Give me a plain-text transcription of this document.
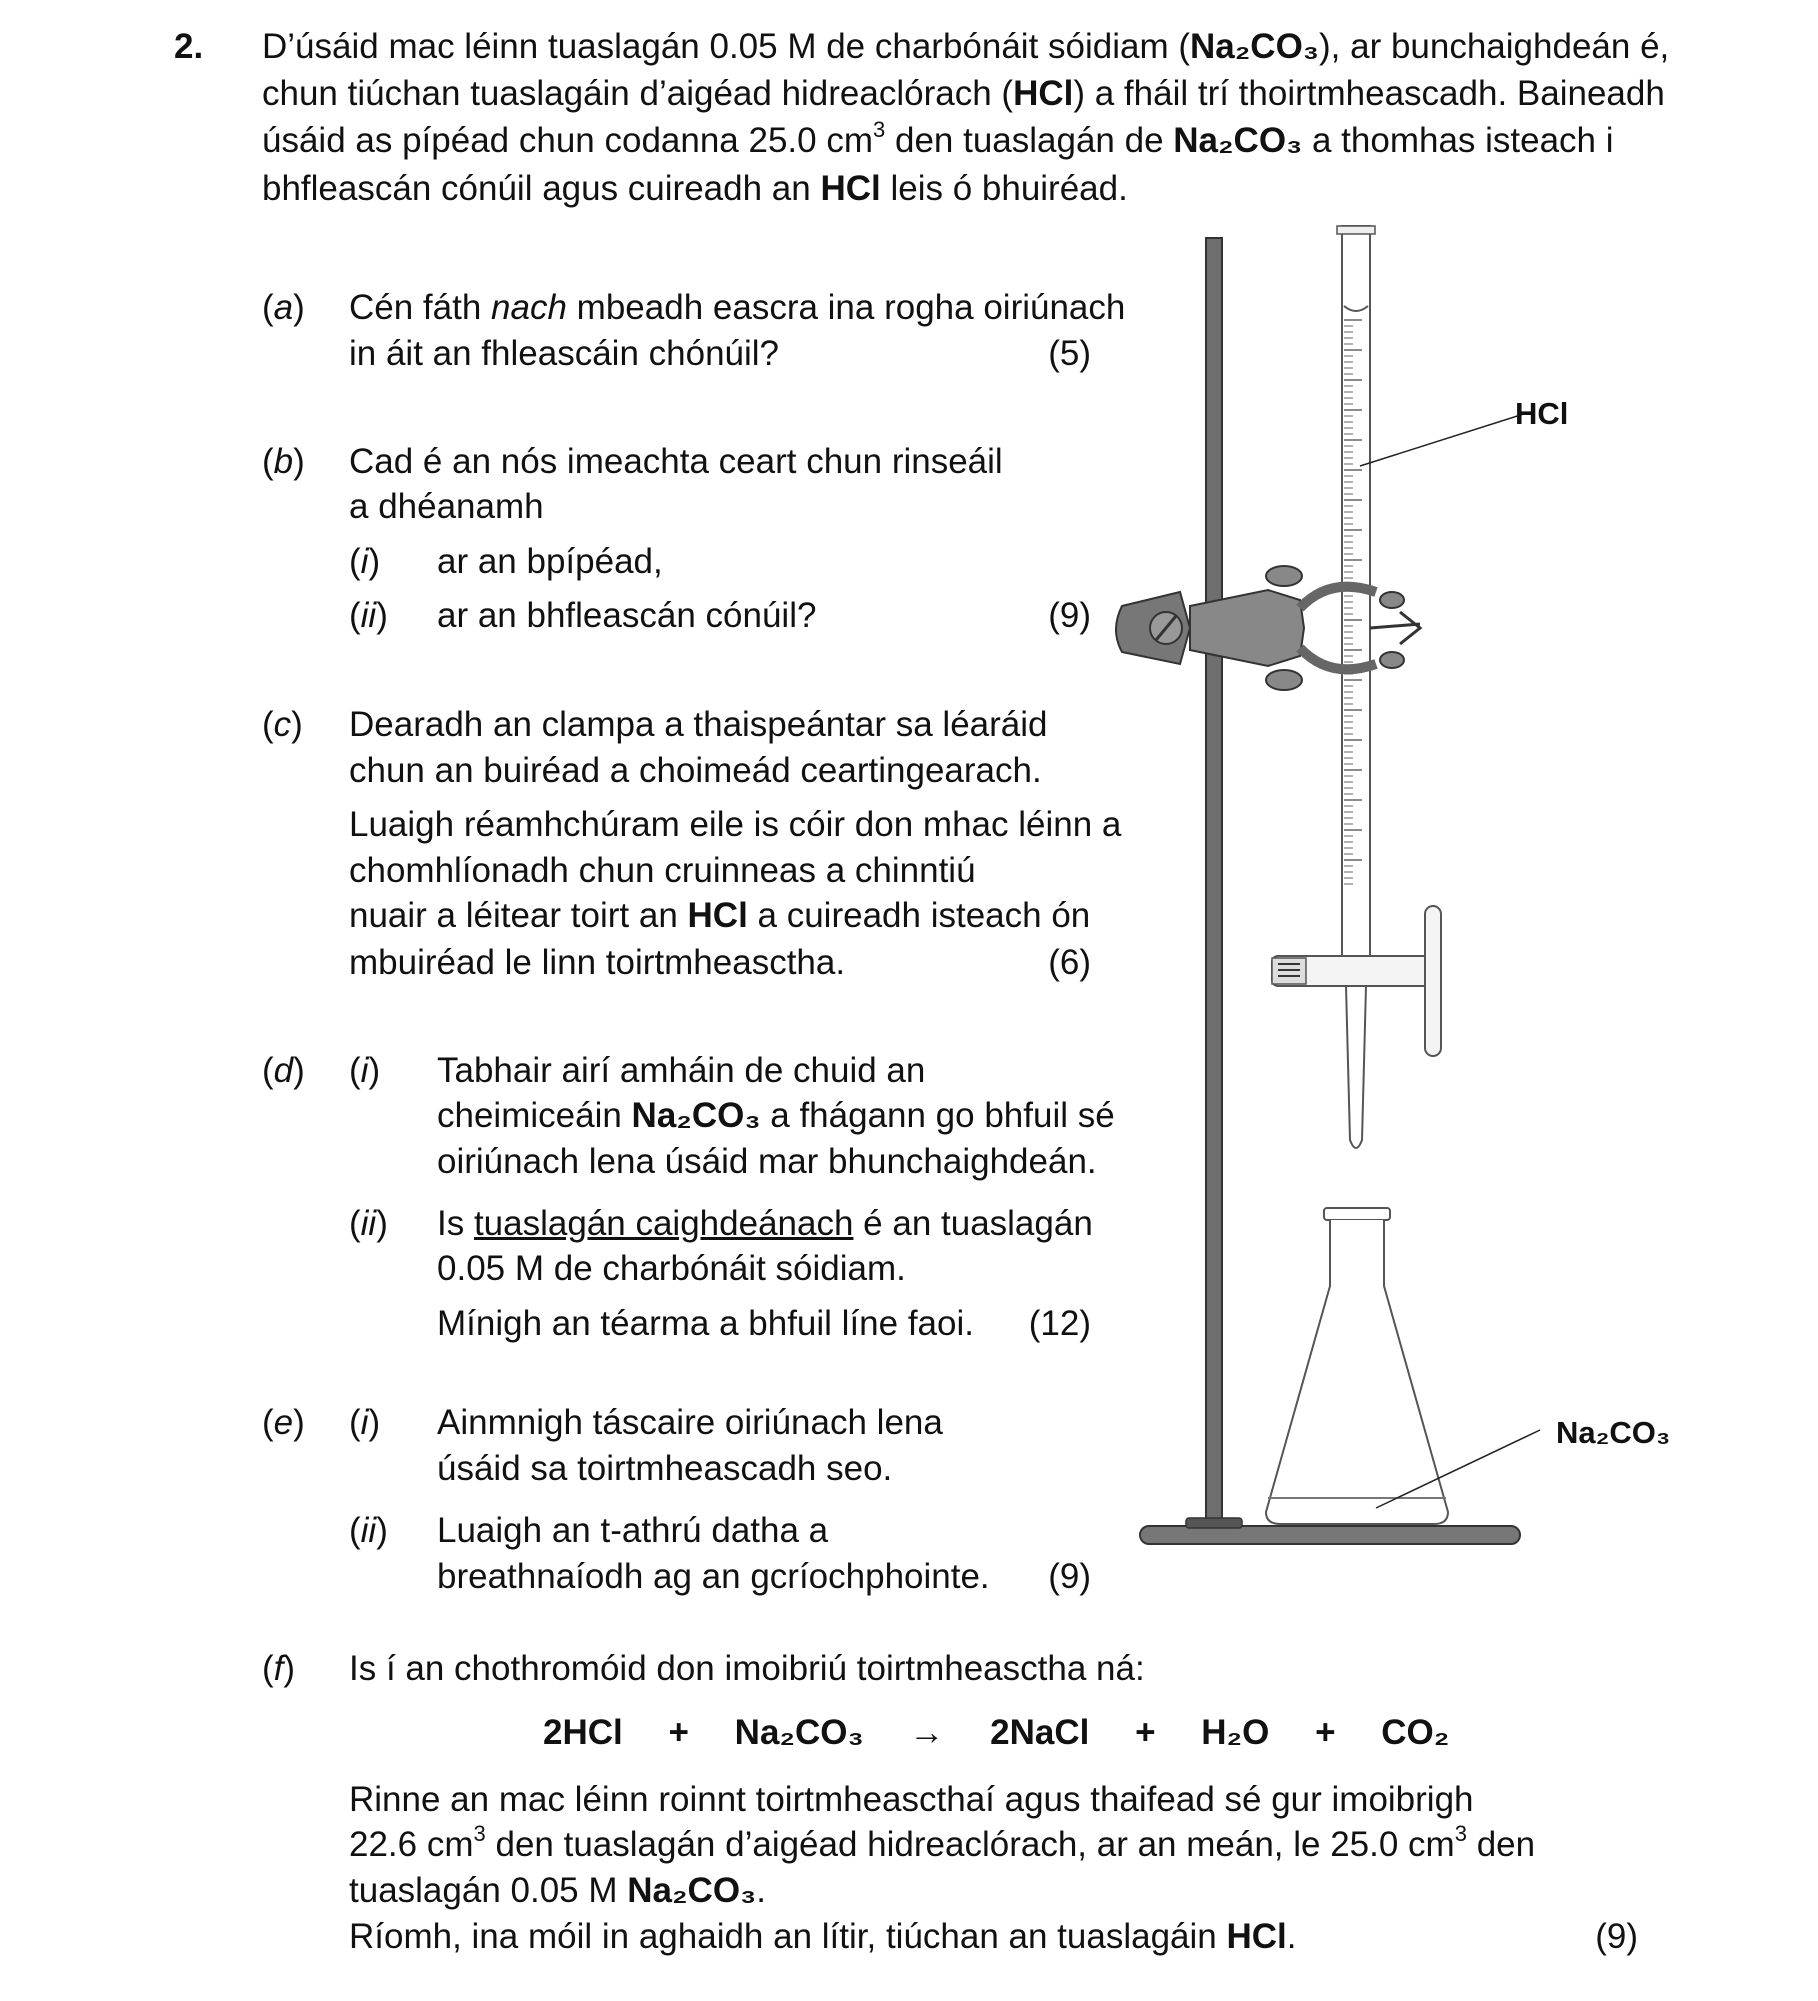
2. D’úsáid mac léinn tuaslagán 0.05 M de charbónáit sóidiam (Na₂CO₃), ar bunchaighdeán é,
chun tiúchan tuaslagáin d’aigéad hidreaclórach (HCl) a fháil trí thoirtmheascadh. Baineadh
úsáid as pípéad chun codanna 25.0 $cm^3$ den tuaslagán de Na₂CO₃ a thomhas isteach i
bhfleascán cónúil agus cuireadh an HCl leis ó bhuiréad.
(a) Cén fáth nach mbeadh eascra ina rogha oiriúnach
in áit an fhleascáin chónúil?	(5)
(b) Cad é an nós imeachta ceart chun rinseáil
a dhéanamh
(i) ar an bpípéad,
(ii) ar an bhfleascán cónúil?	(9)
(c) Dearadh an clampa a thaispeántar sa léaráid
chun an buiréad a choimeád ceartingearach.
Luaigh réamhchúram eile is cóir don mhac léinn a
chomhlíonadh chun cruinneas a chinntiú
nuair a léitear toirt an HCl a cuireadh isteach ón
mbuiréad le linn toirtmheasctha.	(6)
(d) (i) Tabhair airí amháin de chuid an
cheimiceáin Na₂CO₃ a fhágann go bhfuil sé
oiriúnach lena úsáid mar bhunchaighdeán.
(ii) Is tuaslagán caighdeánach é an tuaslagán
0.05 M de charbónáit sóidiam.
Mínigh an téarma a bhfuil líne faoi.	(12)
(e) (i) Ainmnigh táscaire oiriúnach lena
úsáid sa toirtmheascadh seo.
(ii) Luaigh an t-athrú datha a
breathnaíodh ag an gcríochphointe.	(9)
(f) Is í an chothromóid don imoibriú toirtmheasctha ná:
2HCl + Na₂CO₃ → 2NaCl + H₂O + CO₂
Rinne an mac léinn roinnt toirtmheascthaí agus thaifead sé gur imoibrigh
22.6 $cm^3$ den tuaslagán d’aigéad hidreaclórach, ar an meán, le 25.0 $cm^3$ den
tuaslagán 0.05 M Na₂CO₃.
Ríomh, ina móil in aghaidh an lítir, tiúchan an tuaslagáin HCl.	(9)
HCl
Na₂CO₃
